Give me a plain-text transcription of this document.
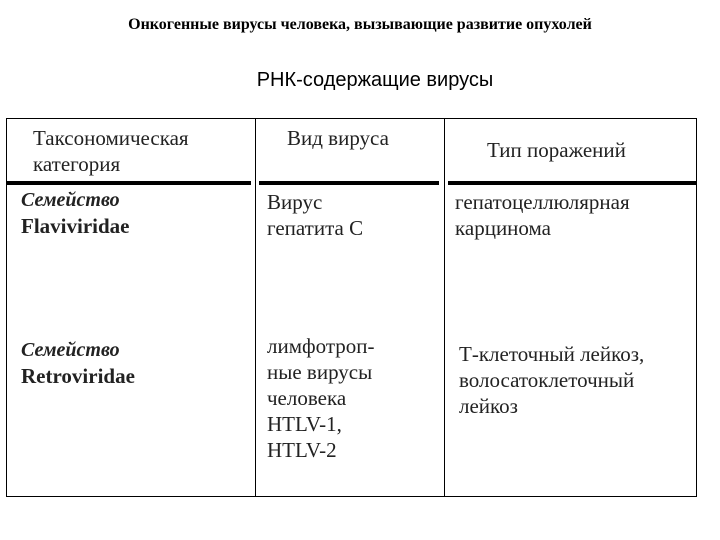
Онкогенные вирусы человека, вызывающие развитие опухолей
РНК-содержащие вирусы
Таксономическая категория
Вид вируса	Тип поражений
Семейство
Flaviviridae
Вирус
гепатита С
гепатоцеллюлярная
карцинома
Семейство
Retroviridae
лимфотроп-
ные вирусы
человека
HTLV-1,
HTLV-2
Т-клеточный лейкоз,
волосатоклеточный
лейкоз
